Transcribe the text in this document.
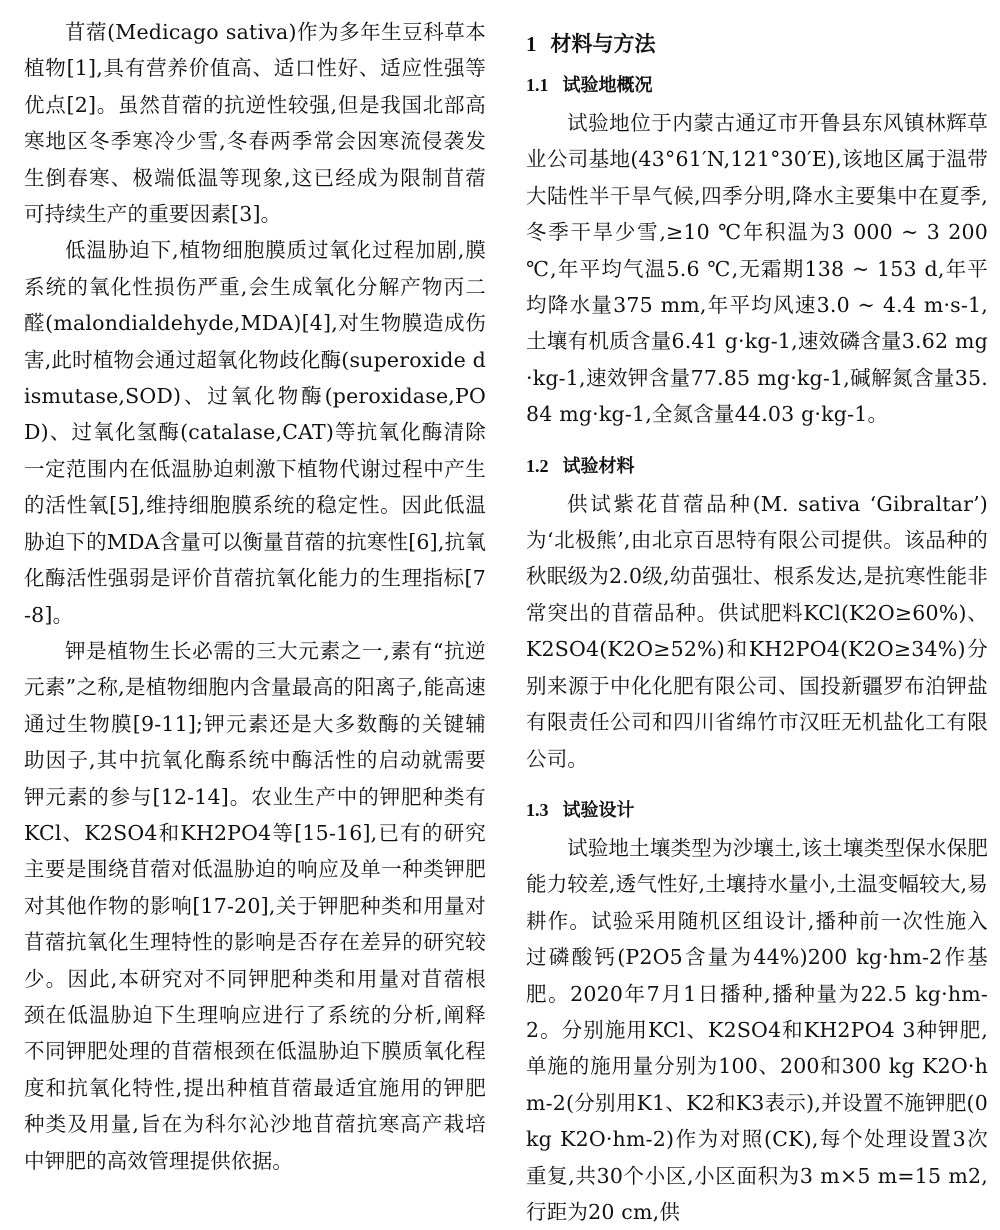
苜蓿(Medicago sativa)作为多年生豆科草本植物[1],具有营养价值高、适口性好、适应性强等优点[2]。虽然苜蓿的抗逆性较强,但是我国北部高寒地区冬季寒冷少雪,冬春两季常会因寒流侵袭发生倒春寒、极端低温等现象,这已经成为限制苜蓿可持续生产的重要因素[3]。

低温胁迫下,植物细胞膜质过氧化过程加剧,膜系统的氧化性损伤严重,会生成氧化分解产物丙二醛(malondialdehyde,MDA)[4],对生物膜造成伤害,此时植物会通过超氧化物歧化酶(superoxide dismutase,SOD)、过氧化物酶(peroxidase,POD)、过氧化氢酶(catalase,CAT)等抗氧化酶清除一定范围内在低温胁迫刺激下植物代谢过程中产生的活性氧[5],维持细胞膜系统的稳定性。因此低温胁迫下的MDA含量可以衡量苜蓿的抗寒性[6],抗氧化酶活性强弱是评价苜蓿抗氧化能力的生理指标[7-8]。

钾是植物生长必需的三大元素之一,素有“抗逆元素”之称,是植物细胞内含量最高的阳离子,能高速通过生物膜[9-11];钾元素还是大多数酶的关键辅助因子,其中抗氧化酶系统中酶活性的启动就需要钾元素的参与[12-14]。农业生产中的钾肥种类有KCl、K2SO4和KH2PO4等[15-16],已有的研究主要是围绕苜蓿对低温胁迫的响应及单一种类钾肥对其他作物的影响[17-20],关于钾肥种类和用量对苜蓿抗氧化生理特性的影响是否存在差异的研究较少。因此,本研究对不同钾肥种类和用量对苜蓿根颈在低温胁迫下生理响应进行了系统的分析,阐释不同钾肥处理的苜蓿根颈在低温胁迫下膜质氧化程度和抗氧化特性,提出种植苜蓿最适宜施用的钾肥种类及用量,旨在为科尔沁沙地苜蓿抗寒高产栽培中钾肥的高效管理提供依据。

1 材料与方法
1.1 试验地概况

试验地位于内蒙古通辽市开鲁县东风镇林辉草业公司基地(43°61′N,121°30′E),该地区属于温带大陆性半干旱气候,四季分明,降水主要集中在夏季,冬季干旱少雪,≥10 ℃年积温为3 000 ~ 3 200 ℃,年平均气温5.6 ℃,无霜期138 ~ 153 d,年平均降水量375 mm,年平均风速3.0 ~ 4.4 m·s-1,土壤有机质含量6.41 g·kg-1,速效磷含量3.62 mg·kg-1,速效钾含量77.85 mg·kg-1,碱解氮含量35.84 mg·kg-1,全氮含量44.03 g·kg-1。

1.2 试验材料

供试紫花苜蓿品种(M. sativa ‘Gibraltar’)为‘北极熊’,由北京百思特有限公司提供。该品种的秋眠级为2.0级,幼苗强壮、根系发达,是抗寒性能非常突出的苜蓿品种。供试肥料KCl(K2O≥60%)、K2SO4(K2O≥52%)和KH2PO4(K2O≥34%)分别来源于中化化肥有限公司、国投新疆罗布泊钾盐有限责任公司和四川省绵竹市汉旺无机盐化工有限公司。

1.3 试验设计

试验地土壤类型为沙壤土,该土壤类型保水保肥能力较差,透气性好,土壤持水量小,土温变幅较大,易耕作。试验采用随机区组设计,播种前一次性施入过磷酸钙(P2O5含量为44%)200 kg·hm-2作基肥。2020年7月1日播种,播种量为22.5 kg·hm-2。分别施用KCl、K2SO4和KH2PO4 3种钾肥,单施的施用量分别为100、200和300 kg K2O·hm-2(分别用K1、K2和K3表示),并设置不施钾肥(0 kg K2O·hm-2)作为对照(CK),每个处理设置3次重复,共30个小区,小区面积为3 m×5 m=15 m2,行距为20 cm,供
